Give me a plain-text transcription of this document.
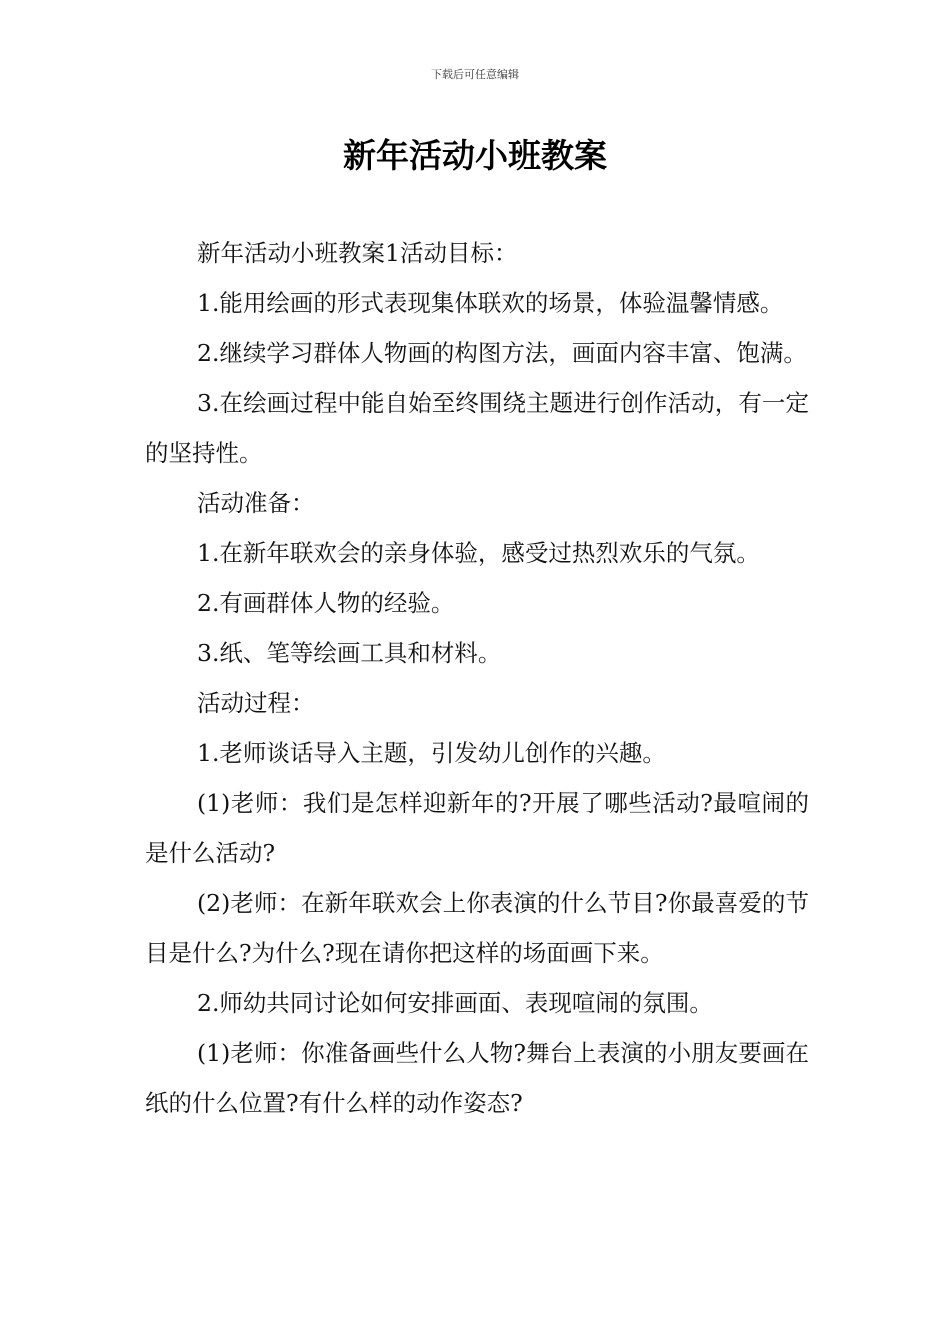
下载后可任意编辑
新年活动小班教案

新年活动小班教案1活动目标：

1.能用绘画的形式表现集体联欢的场景，体验温馨情感。

2.继续学习群体人物画的构图方法，画面内容丰富、饱满。

3.在绘画过程中能自始至终围绕主题进行创作活动，有一定的坚持性。

活动准备：

1.在新年联欢会的亲身体验，感受过热烈欢乐的气氛。

2.有画群体人物的经验。

3.纸、笔等绘画工具和材料。

活动过程：

1.老师谈话导入主题，引发幼儿创作的兴趣。

(1)老师：我们是怎样迎新年的?开展了哪些活动?最喧闹的是什么活动?

(2)老师：在新年联欢会上你表演的什么节目?你最喜爱的节目是什么?为什么?现在请你把这样的场面画下来。

2.师幼共同讨论如何安排画面、表现喧闹的氛围。

(1)老师：你准备画些什么人物?舞台上表演的小朋友要画在纸的什么位置?有什么样的动作姿态?
